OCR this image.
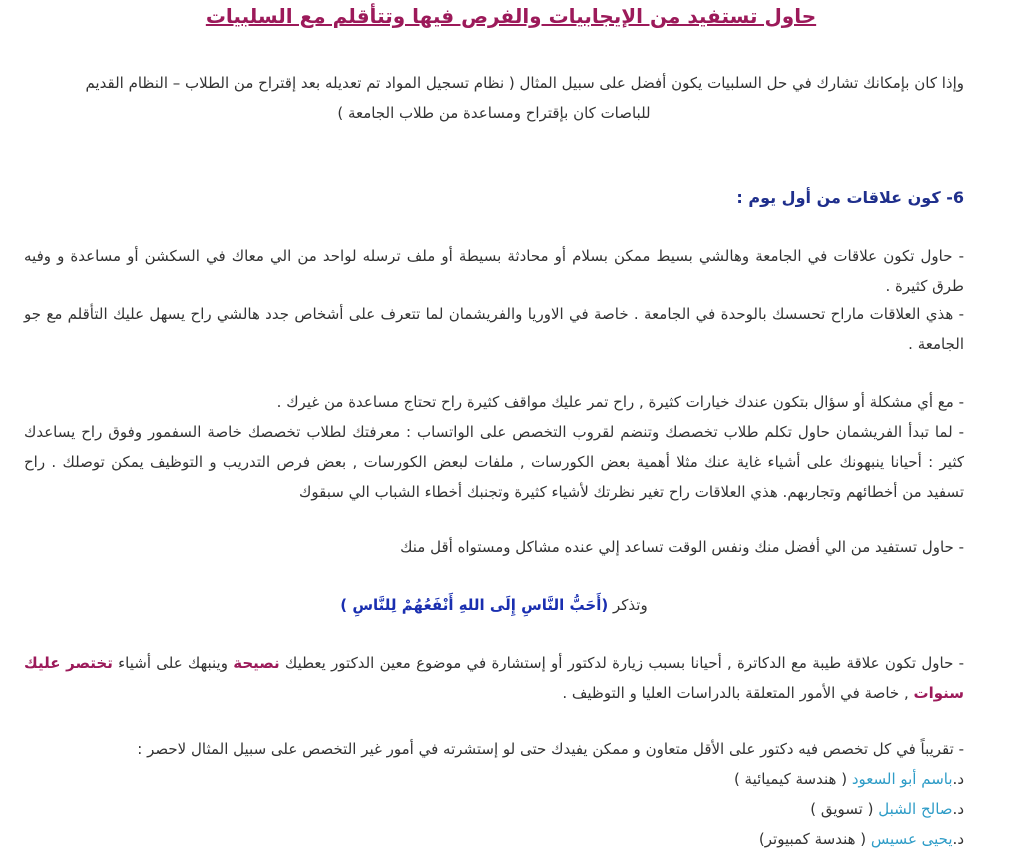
حاول تستفيد من الإيجابيات والفرص فيها وتتأقلم مع السلبيات
وإذا كان بإمكانك تشارك في حل السلبيات يكون أفضل على سبيل المثال ( نظام تسجيل المواد تم تعديله بعد إقتراح من الطلاب – النظام القديم
للباصات كان بإقتراح ومساعدة من طلاب الجامعة )
6- كون علاقات من أول يوم :
- حاول تكون علاقات في الجامعة وهالشي بسيط ممكن بسلام أو محادثة بسيطة أو ملف ترسله لواحد من الي معاك في السكشن أو مساعدة و وفيه طرق كثيرة .
- هذي العلاقات ماراح تحسسك بالوحدة في الجامعة . خاصة في الاوريا والفريشمان لما تتعرف على أشخاص جدد هالشي راح يسهل عليك التأقلم مع جو الجامعة .
- مع أي مشكلة أو سؤال بتكون عندك خيارات كثيرة , راح تمر عليك مواقف كثيرة راح تحتاج مساعدة من غيرك .
- لما تبدأ الفريشمان حاول تكلم طلاب تخصصك وتنضم لقروب التخصص على الواتساب : معرفتك لطلاب تخصصك خاصة السفمور وفوق راح يساعدك كثير : أحيانا ينبهونك على أشياء غاية عنك مثلا أهمية بعض الكورسات , ملفات لبعض الكورسات , بعض فرص التدريب و التوظيف يمكن توصلك . راح تسفيد من أخطائهم وتجاربهم. هذي العلاقات راح تغير نظرتك لأشياء كثيرة وتجنبك أخطاء الشباب الي سبقوك
- حاول تستفيد من الي أفضل منك ونفس الوقت تساعد إلي عنده مشاكل ومستواه أقل منك
وتذكر (أَحَبُّ النَّاسِ إِلَى اللهِ أَنْفَعُهُمْ لِلنَّاسِ )
- حاول تكون علاقة طيبة مع الدكاترة , أحيانا بسبب زيارة لدكتور أو إستشارة في موضوع معين الدكتور يعطيك نصيحة وينبهك على أشياء تختصر عليك سنوات , خاصة في الأمور المتعلقة بالدراسات العليا و التوظيف .
- تقريباً في كل تخصص فيه دكتور على الأقل متعاون و ممكن يفيدك حتى لو إستشرته في أمور غير التخصص على سبيل المثال لاحصر :
د.باسم أبو السعود ( هندسة كيميائية )
د.صالح الشبل ( تسويق )
د.يحيى عسيس ( هندسة كمبيوتر)
